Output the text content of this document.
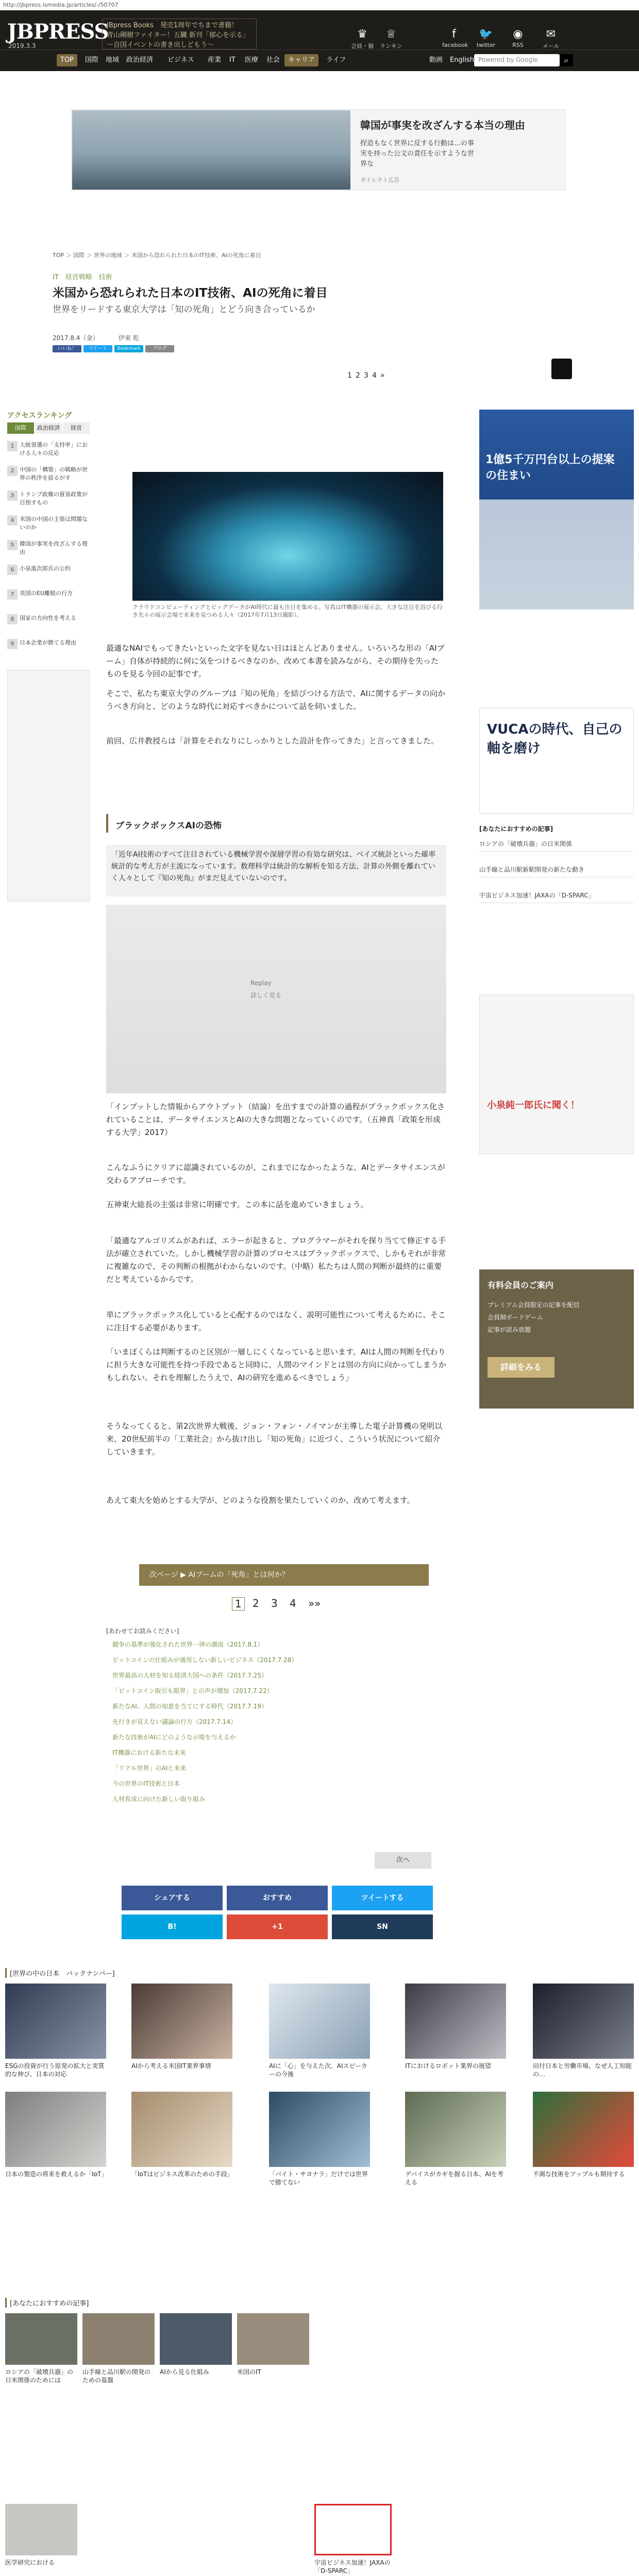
http://jbpress.ismedia.jp/articles/-/50707
JBPRESS
2019.3.3
JBpress Books　発売1周年でちまで書籍！
青山剛樹ファイター！五臓 新刊「郁心を示る」
～自国イベントの書き出しどもう～
♛
会員・個
♕
ランキン
f
facebook
🐦
twitter
◉
RSS
✉
メール
TOP	国際	地域	政治経済	ビジネス	産業	IT	医療	社会	キャリア	ライフ	動画	English Powered by Google	⌕
韓国が事実を改ざんする本当の理由
捏造もなく世界に反する行動は…の事実を持った公文の責任を示すような世界な
ダイレクト広告
TOP ＞ 国際 ＞ 世界の地域 ＞ 米国から恐れられた日本のIT技術、AIの死角に着目
IT　経営戦略　技術
米国から恐れられた日本のIT技術、AIの死角に着目
世界をリードする東京大学は「知の死角」とどう向き合っているか
2017.8.4（金）	伊東 乾
いいね！	ツイート	Bookmark	ブログ
1 2 3 4 »
アクセスランキング
国際	政治経済	経営
1 大統領選の「支持率」における人々の反応
2 中国の「構築」の戦略が世界の秩序を揺るがす
3 トランプ政権の貿易政策が目指すもの
4 米国の中国の主張は問題ないのか
5 韓国が事実を改ざんする理由
6 小泉進次郎氏の公約
7 英国のEU離脱の行方
8 国家の方向性を考える
9 日本企業が勝てる理由
クラウドコンピューティングとビッグデータがAI時代に最も注目を集める。写真はIT機器の展示会。大きな注目を浴びる行き先々の展示会場で未来を見つめる人々（2017年7月13日撮影）。

最適なNAIでもってきたいといった文字を見ない日はほとんどありません。いろいろな形の「AIブーム」自体が持続的に何に気をつけるべきなのか、改めて本書を読みながら、その期待を失ったものを見る今回の記事です。

そこで、私たち東京大学のグループは「知の死角」を結びつける方法で、AIに関するデータの向かうべき方向と、どのような時代に対応すべきかについて話を伺いました。

前回、広井教授らは「計算をそれなりにしっかりとした設計を作ってきた」と言ってきました。

ブラックボックスAIの恐怖
「近年AI技術のすべて注目されている機械学習や深層学習の有効な研究は、ベイズ統計といった確率統計的な考え方が主流になっています。数理科学は統計的な解析を知る方法、計算の外側を離れていく人々として『知の死角』がまだ見えていないのです。
Replay
詳しく見る

「インプットした情報からアウトプット（結論）を出すまでの計算の過程がブラックボックス化されていることは、データサイエンスとAIの大きな問題となっていくのです。（五神真「政策を形成する大学」2017）

こんなふうにクリアに認識されているのが、これまでになかったような、AIとデータサイエンスが交わるアプローチです。

五神東大総長の主張は非常に明確です。この本に話を進めていきましょう。

「最適なアルゴリズムがあれば、エラーが起きると、プログラマーがそれを探り当てて修正する手法が確立されていた。しかし機械学習の計算のプロセスはブラックボックスで、しかもそれが非常に複雑なので、その判断の根拠がわからないのです。（中略）私たちは人間の判断が最終的に重要だと考えているからです。

単にブラックボックス化していると心配するのではなく、説明可能性について考えるために、そこに注目する必要があります。

「いまぼくらは判断するのと区別が一層しにくくなっていると思います。AIは人間の判断を代わりに担う大きな可能性を持つ手段であると同時に、人間のマインドとは別の方向に向かってしまうかもしれない。それを理解したうえで、AIの研究を進めるべきでしょう」

そうなってくると、第2次世界大戦後、ジョン・フォン・ノイマンが主導した電子計算機の発明以来、20世紀前半の「工業社会」から抜け出し「知の死角」に近づく、こういう状況について紹介していきます。

あえて東大を始めとする大学が、どのような役割を果たしていくのか、改めて考えます。

次ページ ▶ AIブームの「死角」とは何か？
1	2 3 4 »»
[あわせてお読みください]
競争の基準が強化された世界一律の潮流（2017.8.1）
ビットコインの仕組みが通用しない新しいビジネス（2017.7.28）
世界最高の人材を知る経済大国への条件（2017.7.25）
「ビットコイン取引も限界」との声が増加（2017.7.22）
新たなAI、人間の知恵を当てにする時代（2017.7.19）
先行きが見えない議論の行方（2017.7.14）
新たな技術がAIにどのような示唆を与えるか
IT機器における新たな未来
「リアル世界」のAIと未来
今の世界のIT技術と日本
人材育成に向けた新しい取り組み
次へ
シェアする	おすすめ	ツイートする
B!	+1	SN
[世界の中の日本　パックナンバー]
ESGの投資が行う原発の拡大と実質的な伸び、日本の対応
AIから考える米国IT業界事情	AIに「心」を与えた次、AIスピーカーの今後
ITにおけるロボット業界の展望	田付日本と労働市場、なぜ人工知能の…
日本の製造の将来を救えるか「IoT」	「IoTはビジネス改革のための手段」	「バイト・サヨナラ」だけでは世界で勝てない
デバイスがカギを握る日本、AIを考える
不測な技術をアップルも期待する
[あなたにおすすめの記事]
ロシアの「破壊兵器」の日米関係のためには
山手線と品川駅の開発のための基盤
AIから見る仕組み	米国のIT
宇宙ビジネス加速！JAXAの「D-SPARC」
医学研究における
1億5千万円台以上の提案の住まい
VUCAの時代、自己の軸を磨け
[あなたにおすすめの記事]
ロシアの「破壊兵器」の日米関係
山手線と品川駅新駅開発の新たな動き
宇宙ビジネス加速！JAXAの「D-SPARC」
小泉純一郎氏に聞く！
有料会員のご案内
プレミアム会員限定の記事を配信
会員制ボードゲーム
記事が読み放題
詳細をみる
